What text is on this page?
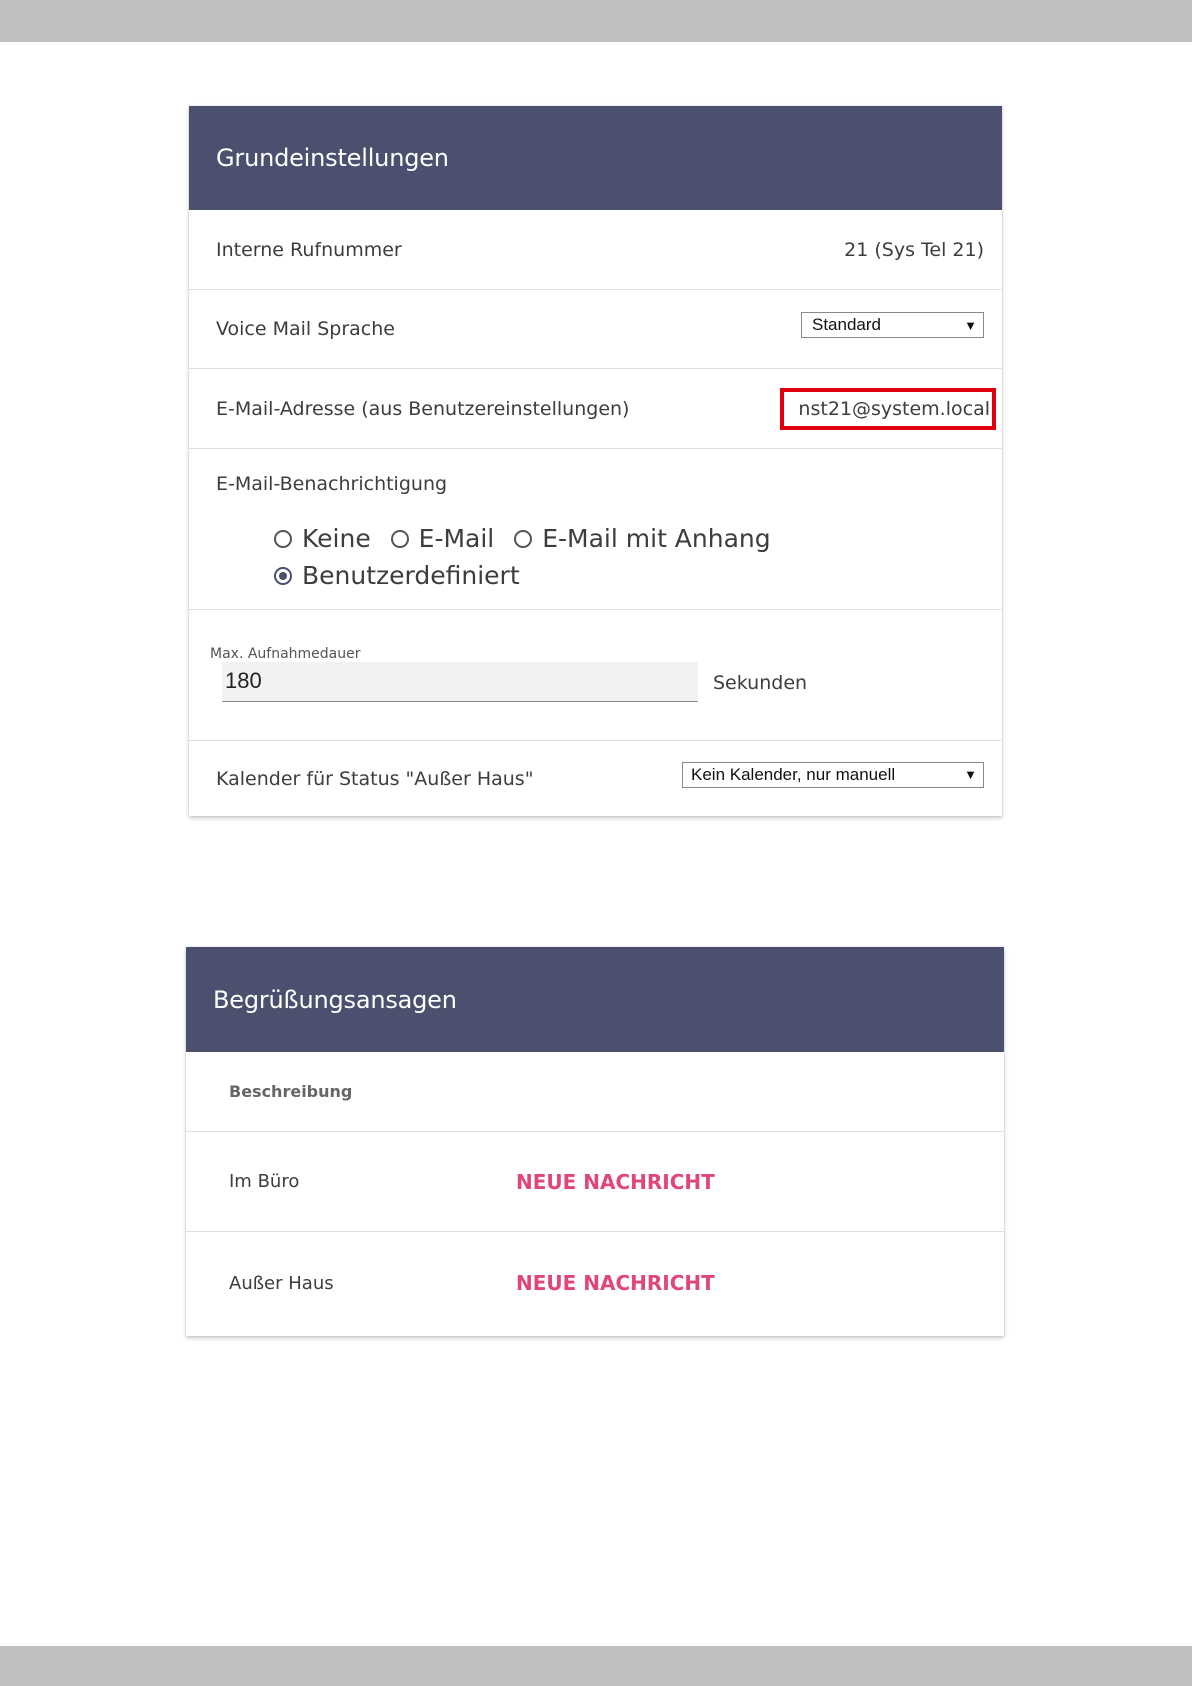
Grundeinstellungen
Interne Rufnummer	21 (Sys Tel 21)
Voice Mail Sprache	Standard	▼
E-Mail-Adresse (aus Benutzereinstellungen)	nst21@system.local
E-Mail-Benachrichtigung
Keine
E-Mail
E-Mail mit Anhang

Benutzerdefiniert
Max. Aufnahmedauer
180	Sekunden
Kalender für Status "Außer Haus"	Kein Kalender, nur manuell	▼
Begrüßungsansagen
Beschreibung
Im Büro	NEUE NACHRICHT
Außer Haus	NEUE NACHRICHT
